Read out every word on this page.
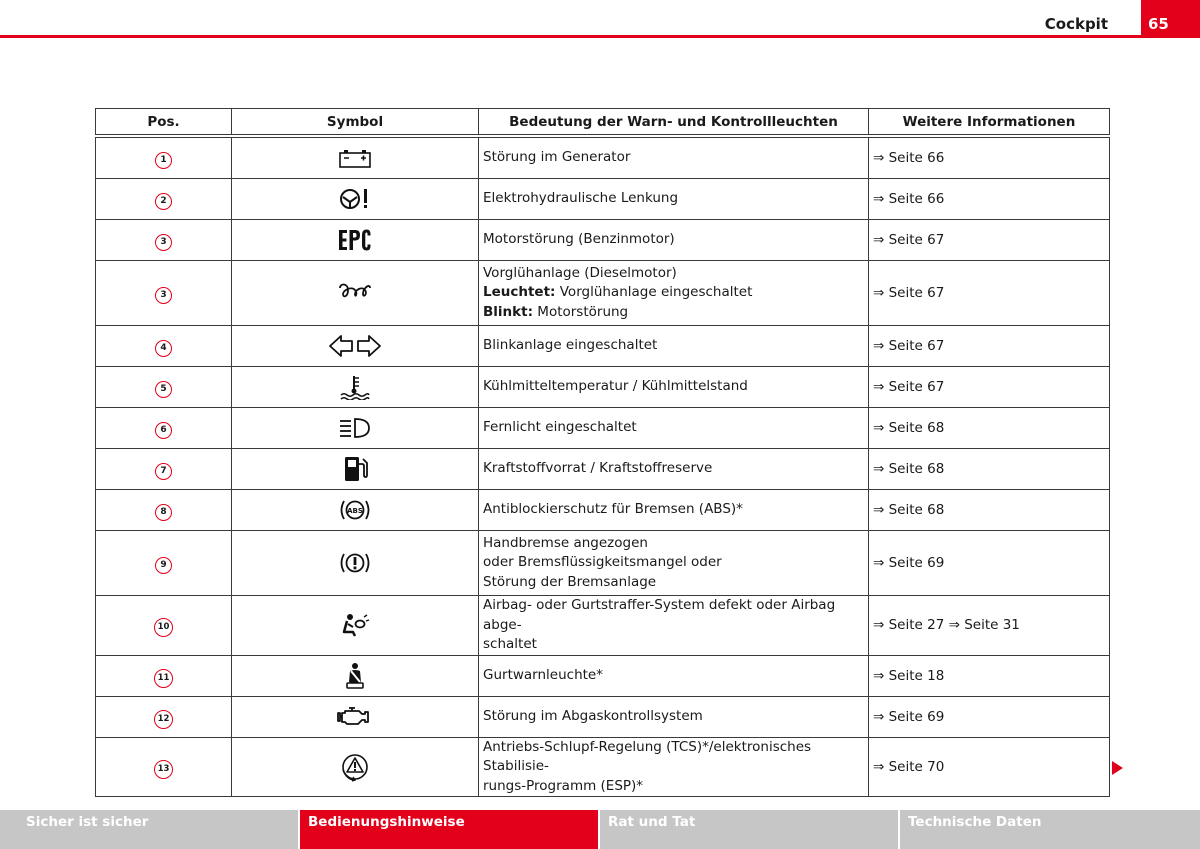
Cockpit	65
Pos.	Symbol	Bedeutung der Warn- und Kontrollleuchten	Weitere Informationen
1		Störung im Generator	⇒ Seite 66
2		Elektrohydraulische Lenkung	⇒ Seite 66
3		Motorstörung (Benzinmotor)	⇒ Seite 67
3		Vorglühanlage (Dieselmotor)
Leuchtet: Vorglühanlage eingeschaltet
Blinkt: Motorstörung	⇒ Seite 67
4		Blinkanlage eingeschaltet	⇒ Seite 67
5		Kühlmitteltemperatur / Kühlmittelstand	⇒ Seite 67
6		Fernlicht eingeschaltet	⇒ Seite 68
7		Kraftstoffvorrat / Kraftstoffreserve	⇒ Seite 68
8	ABS	Antiblockierschutz für Bremsen (ABS)*	⇒ Seite 68
9		Handbremse angezogen
oder Bremsflüssigkeitsmangel oder
Störung der Bremsanlage	⇒ Seite 69
10		Airbag- oder Gurtstraffer-System defekt oder Airbag abge-
schaltet	⇒ Seite 27 ⇒ Seite 31
11		Gurtwarnleuchte*	⇒ Seite 18
12		Störung im Abgaskontrollsystem	⇒ Seite 69
13		Antriebs-Schlupf-Regelung (TCS)*/elektronisches Stabilisie-
rungs-Programm (ESP)*	⇒ Seite 70
Sicher ist sicher	Bedienungshinweise	Rat und Tat	Technische Daten
